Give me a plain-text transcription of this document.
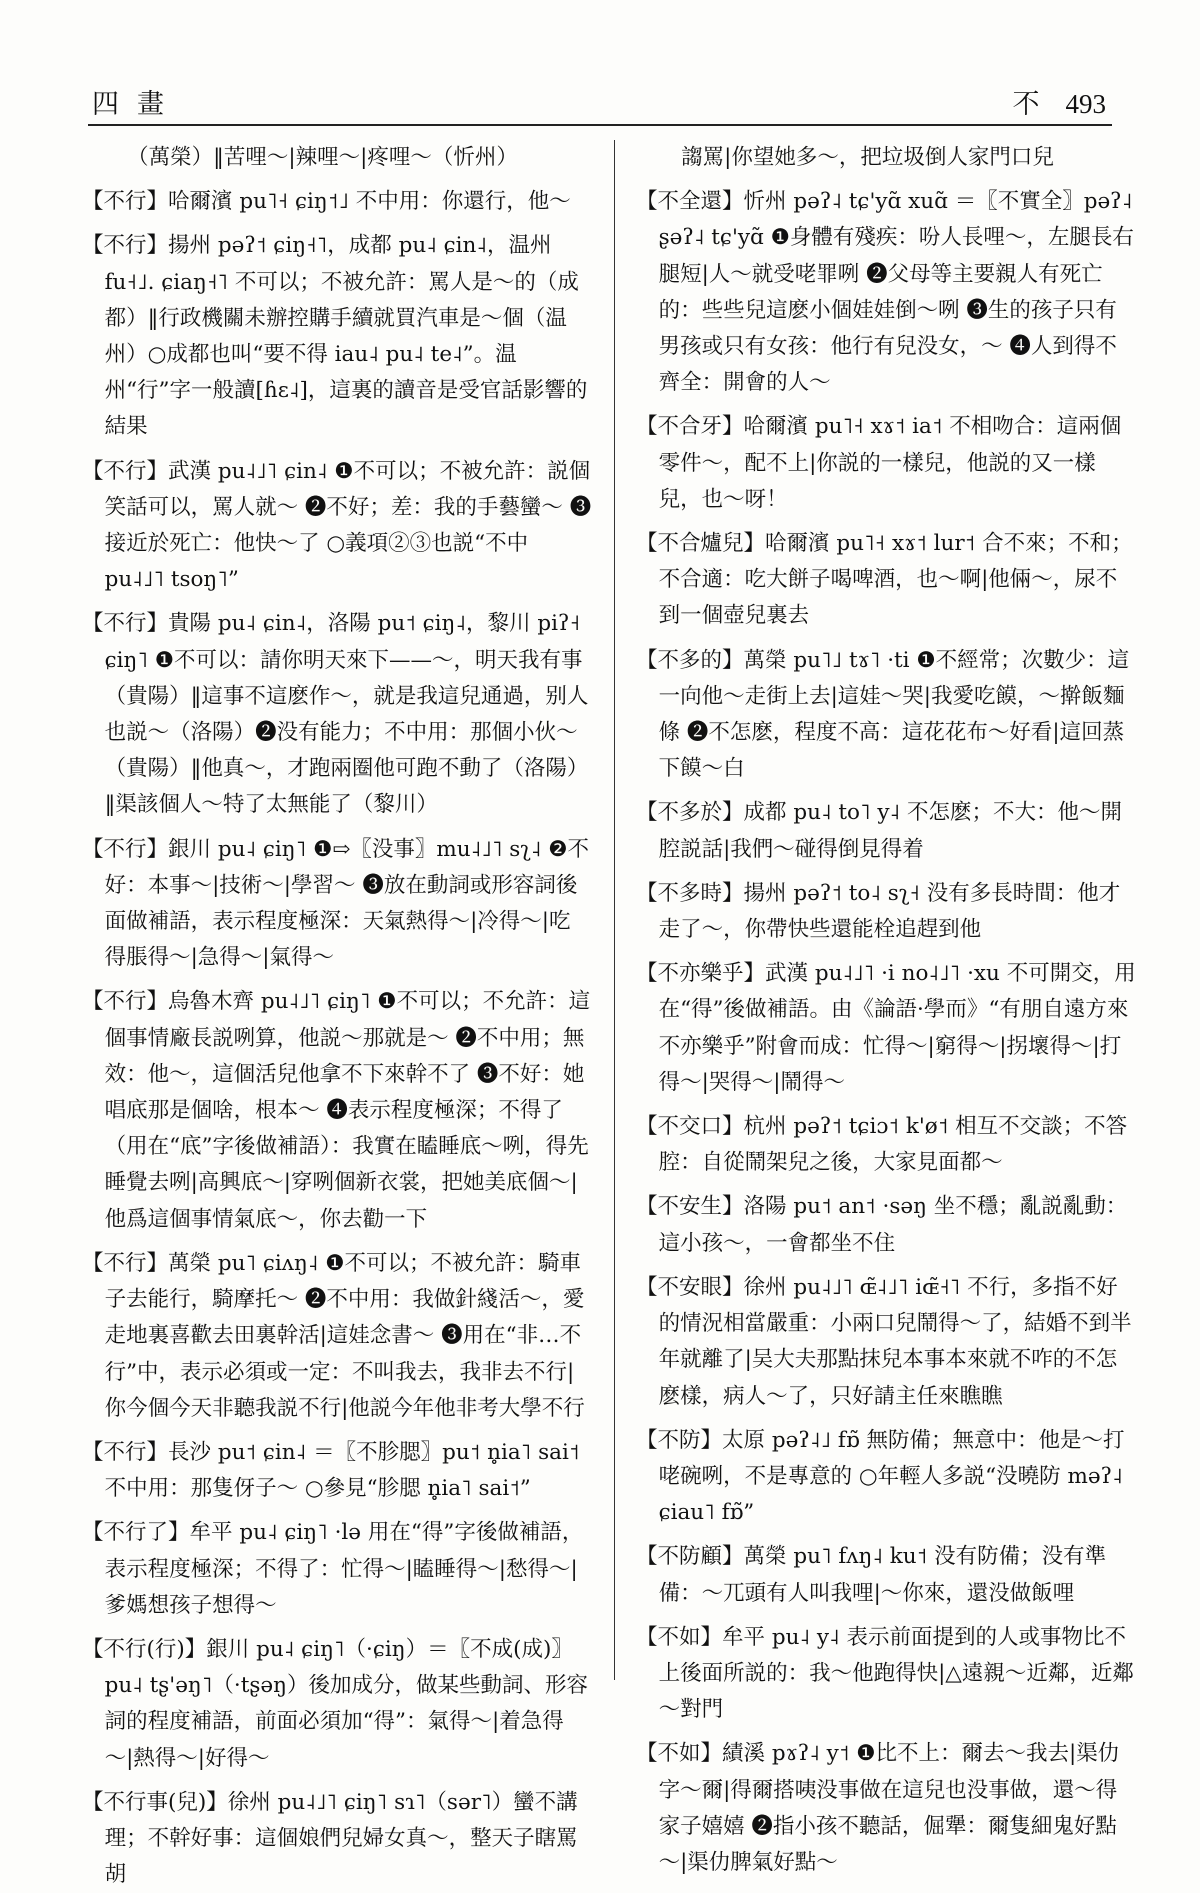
四畫	不 493

（萬榮）‖苦哩～|辣哩～|疼哩～（忻州）

【不行】哈爾濱 pu˥˧ ɕiŋ˦˩ 不中用：你還行，他～

【不行】揚州 pəʔ˦ ɕiŋ˧˥，成都 pu˨ ɕin˨，温州 fu˧˩. ɕiaŋ˧˥ 不可以；不被允許：罵人是～的（成都）‖行政機關未辦控購手續就買汽車是～個（温州）○成都也叫“要不得 iau˨ pu˨ te˨”。温州“行”字一般讀[ɦɛ˨]，這裏的讀音是受官話影響的結果

【不行】武漢 pu˨˩˥ ɕin˨ ❶不可以；不被允許：説個笑話可以，罵人就～ ❷不好；差：我的手藝蠻～ ❸接近於死亡：他快～了 ○義項②③也説“不中 pu˨˩˥ tsoŋ˥”

【不行】貴陽 pu˨ ɕin˨，洛陽 pu˦ ɕiŋ˨，黎川 piʔ˧ ɕiŋ˥ ❶不可以：請你明天來下——～，明天我有事（貴陽）‖這事不這麽作～，就是我這兒通過，别人也説～（洛陽）❷没有能力；不中用：那個小伙～（貴陽）‖他真～，才跑兩圈他可跑不動了（洛陽）‖渠該個人～特了太無能了（黎川）

【不行】銀川 pu˨ ɕiŋ˥ ❶⇨〖没事〗mu˨˩˥ sʅ˨ ❷不好：本事～|技術～|學習～ ❸放在動詞或形容詞後面做補語，表示程度極深：天氣熱得～|冷得～|吃得脹得～|急得～|氣得～

【不行】烏魯木齊 pu˨˩˥ ɕiŋ˥ ❶不可以；不允許：這個事情廠長説咧算，他説～那就是～ ❷不中用；無效：他～，這個活兒他拿不下來幹不了 ❸不好：她唱底那是個啥，根本～ ❹表示程度極深；不得了（用在“底”字後做補語）：我實在瞌睡底～咧，得先睡覺去咧|高興底～|穿咧個新衣裳，把她美底個～|他爲這個事情氣底～，你去勸一下

【不行】萬榮 pu˥ ɕiʌŋ˨ ❶不可以；不被允許：騎車子去能行，騎摩托～ ❷不中用：我做針綫活～，愛走地裏喜歡去田裏幹活|這娃念書～ ❸用在“非…不行”中，表示必須或一定：不叫我去，我非去不行|你今個今天非聽我説不行|他説今年他非考大學不行

【不行】長沙 pu˦ ɕin˨ ＝〖不胗腮〗pu˦ n̥ia˥ sai˦ 不中用：那隻伢子～ ○參見“胗腮 n̥ia˥ sai˦”

【不行了】牟平 pu˨ ɕiŋ˥ ·lə 用在“得”字後做補語，表示程度極深；不得了：忙得～|瞌睡得～|愁得～|爹媽想孩子想得～

【不行(行)】銀川 pu˨ ɕiŋ˥（·ɕiŋ）＝〖不成(成)〗pu˨ tʂ'əŋ˥（·tʂəŋ）後加成分，做某些動詞、形容詞的程度補語，前面必須加“得”：氣得～|着急得～|熱得～|好得～

【不行事(兒)】徐州 pu˨˩˥ ɕiŋ˥ sɿ˥（sər˥）蠻不講理；不幹好事：這個娘們兒婦女真～，整天子瞎罵胡

謅罵|你望她多～，把垃圾倒人家門口兒

【不全還】忻州 pəʔ˨ tɕ'yɑ̃ xuɑ̃ ＝〖不實全〗pəʔ˨ ʂəʔ˨ tɕ'yɑ̃ ❶身體有殘疾：吩人長哩～，左腿長右腿短|人～就受咾罪咧 ❷父母等主要親人有死亡的：些些兒這麽小個娃娃倒～咧 ❸生的孩子只有男孩或只有女孩：他行有兒没女，～ ❹人到得不齊全：開會的人～

【不合牙】哈爾濱 pu˥˧ xɤ˦ ia˦ 不相吻合：這兩個零件～，配不上|你説的一樣兒，他説的又一樣兒，也～呀！

【不合爐兒】哈爾濱 pu˥˧ xɤ˦ lur˦ 合不來；不和；不合適：吃大餅子喝啤酒，也～啊|他倆～，尿不到一個壺兒裏去

【不多的】萬榮 pu˥˩ tɤ˥ ·ti ❶不經常；次數少：這一向他～走街上去|這娃～哭|我愛吃饃，～擀飯麵條 ❷不怎麽，程度不高：這花花布～好看|這回蒸下饃～白

【不多於】成都 pu˨ to˥ y˨ 不怎麽；不大：他～開腔説話|我們～碰得倒見得着

【不多時】揚州 pəʔ˦ to˨ sʅ˧ 没有多長時間：他才走了～，你帶快些還能栓追趕到他

【不亦樂乎】武漢 pu˨˩˥ ·i no˨˩˥ ·xu 不可開交，用在“得”後做補語。由《論語·學而》“有朋自遠方來不亦樂乎”附會而成：忙得～|窮得～|拐壞得～|打得～|哭得～|鬧得～

【不交口】杭州 pəʔ˦ tɕiɔ˦ k'ø˦ 相互不交談；不答腔：自從鬧架兒之後，大家見面都～

【不安生】洛陽 pu˦ an˦ ·səŋ 坐不穩；亂説亂動：這小孩～，一會都坐不住

【不安眼】徐州 pu˨˩˥ ɶ̃˨˩˥ iɶ̃˧˥ 不行，多指不好的情況相當嚴重：小兩口兒鬧得～了，結婚不到半年就離了|吴大夫那點抹兒本事本來就不咋的不怎麽樣，病人～了，只好請主任來瞧瞧

【不防】太原 pəʔ˨˩ fɒ̃ 無防備；無意中：他是～打咾碗咧，不是專意的 ○年輕人多説“没曉防 məʔ˨ ɕiau˥ fɒ̃”

【不防顧】萬榮 pu˥ fʌŋ˨ ku˦ 没有防備；没有準備：～兀頭有人叫我哩|～你來，還没做飯哩

【不如】牟平 pu˨ y˨ 表示前面提到的人或事物比不上後面所説的：我～他跑得快|△遠親～近鄰，近鄰～對門

【不如】績溪 pɤʔ˨ y˦ ❶比不上：爾去～我去|渠仂字～爾|得爾搭咦没事做在這兒也没事做，還～得家子嬉嬉 ❷指小孩不聽話，倔犟：爾隻細鬼好點～|渠仂脾氣好點～
